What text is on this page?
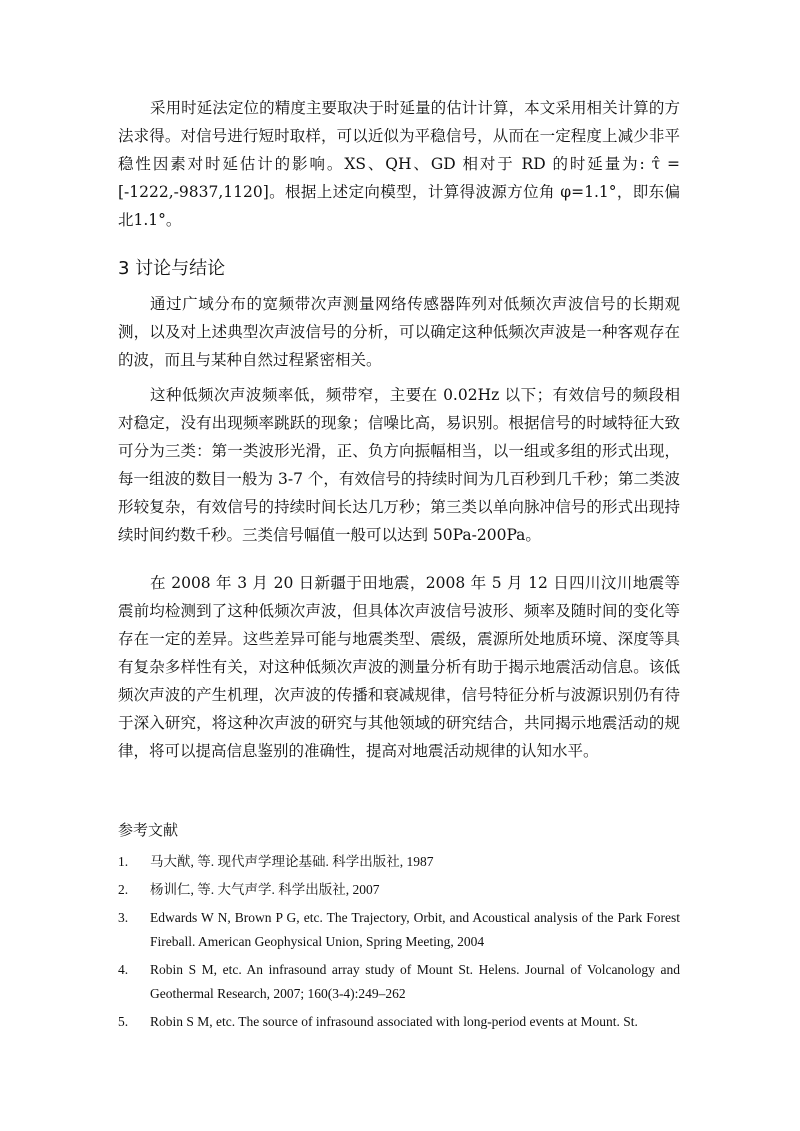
采用时延法定位的精度主要取决于时延量的估计计算，本文采用相关计算的方法求得。对信号进行短时取样，可以近似为平稳信号，从而在一定程度上减少非平稳性因素对时延估计的影响。XS、QH、GD 相对于 RD 的时延量为: τ̂ =[-1222,-9837,1120]。根据上述定向模型，计算得波源方位角 φ=1.1°，即东偏北1.1°。

3 讨论与结论

通过广域分布的宽频带次声测量网络传感器阵列对低频次声波信号的长期观测，以及对上述典型次声波信号的分析，可以确定这种低频次声波是一种客观存在的波，而且与某种自然过程紧密相关。

这种低频次声波频率低，频带窄，主要在 0.02Hz 以下；有效信号的频段相对稳定，没有出现频率跳跃的现象；信噪比高，易识别。根据信号的时域特征大致可分为三类：第一类波形光滑，正、负方向振幅相当，以一组或多组的形式出现，每一组波的数目一般为 3-7 个，有效信号的持续时间为几百秒到几千秒；第二类波形较复杂，有效信号的持续时间长达几万秒；第三类以单向脉冲信号的形式出现持续时间约数千秒。三类信号幅值一般可以达到 50Pa-200Pa。

在 2008 年 3 月 20 日新疆于田地震，2008 年 5 月 12 日四川汶川地震等震前均检测到了这种低频次声波，但具体次声波信号波形、频率及随时间的变化等存在一定的差异。这些差异可能与地震类型、震级，震源所处地质环境、深度等具有复杂多样性有关，对这种低频次声波的测量分析有助于揭示地震活动信息。该低频次声波的产生机理，次声波的传播和衰减规律，信号特征分析与波源识别仍有待于深入研究，将这种次声波的研究与其他领域的研究结合，共同揭示地震活动的规律，将可以提高信息鉴别的准确性，提高对地震活动规律的认知水平。

参考文献
1. 马大猷, 等. 现代声学理论基础. 科学出版社, 1987
2. 杨训仁, 等. 大气声学. 科学出版社, 2007
3. Edwards W N, Brown P G, etc. The Trajectory, Orbit, and Acoustical analysis of the Park Forest Fireball. American Geophysical Union, Spring Meeting, 2004
4. Robin S M, etc. An infrasound array study of Mount St. Helens. Journal of Volcanology and Geothermal Research, 2007; 160(3-4):249–262
5. Robin S M, etc. The source of infrasound associated with long-period events at Mount. St.
